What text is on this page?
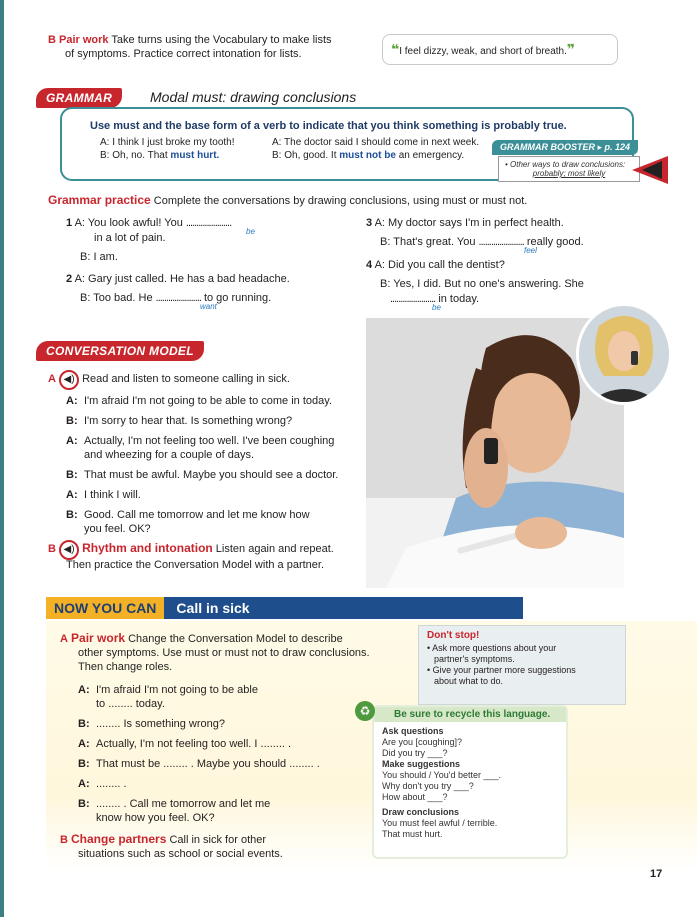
B Pair work Take turns using the Vocabulary to make lists
of symptoms. Practice correct intonation for lists.	❝I feel dizzy, weak, and short of breath.❞
GRAMMAR	Modal must: drawing conclusions
Use must and the base form of a verb to indicate that you think something is probably true.
A: I think I just broke my tooth!
B: Oh, no. That must hurt.
A: The doctor said I should come in next week.
B: Oh, good. It must not be an emergency.
GRAMMAR BOOSTER ▸ p. 124
• Other ways to draw conclusions:
probably; most likely
Grammar practice Complete the conversations by drawing conclusions, using must or must not.
1 A: You look awful! You ......................
be
in a lot of pain.
B: I am.
2 A: Gary just called. He has a bad headache.
B: Too bad. He ...................... to go running.
want
3 A: My doctor says I'm in perfect health.
B: That's great. You ...................... really good.
feel
4 A: Did you call the dentist?
B: Yes, I did. But no one's answering. She
...................... in today.
be
CONVERSATION MODEL
A ◀) Read and listen to someone calling in sick.
A: I'm afraid I'm not going to be able to come in today.
B: I'm sorry to hear that. Is something wrong?
A: Actually, I'm not feeling too well. I've been coughing
and wheezing for a couple of days.
B: That must be awful. Maybe you should see a doctor.
A: I think I will.
B: Good. Call me tomorrow and let me know how
you feel. OK?
B ◀) Rhythm and intonation Listen again and repeat.
Then practice the Conversation Model with a partner.
NOW YOU CAN Call in sick
A Pair work Change the Conversation Model to describe
other symptoms. Use must or must not to draw conclusions.
Then change roles.
A: I'm afraid I'm not going to be able
to ........ today.
B: ........ Is something wrong?
A: Actually, I'm not feeling too well. I ........ .
B: That must be ........ . Maybe you should ........ .
A: ........ .
B: ........ . Call me tomorrow and let me
know how you feel. OK?
B Change partners Call in sick for other
situations such as school or social events.
Don't stop!
• Ask more questions about your
partner's symptoms.
• Give your partner more suggestions
about what to do.
Be sure to recycle this language.
Ask questions
Are you [coughing]?
Did you try ___?
Make suggestions
You should / You'd better ___.
Why don't you try ___?
How about ___?
Draw conclusions
You must feel awful / terrible.
That must hurt.
♻
17
